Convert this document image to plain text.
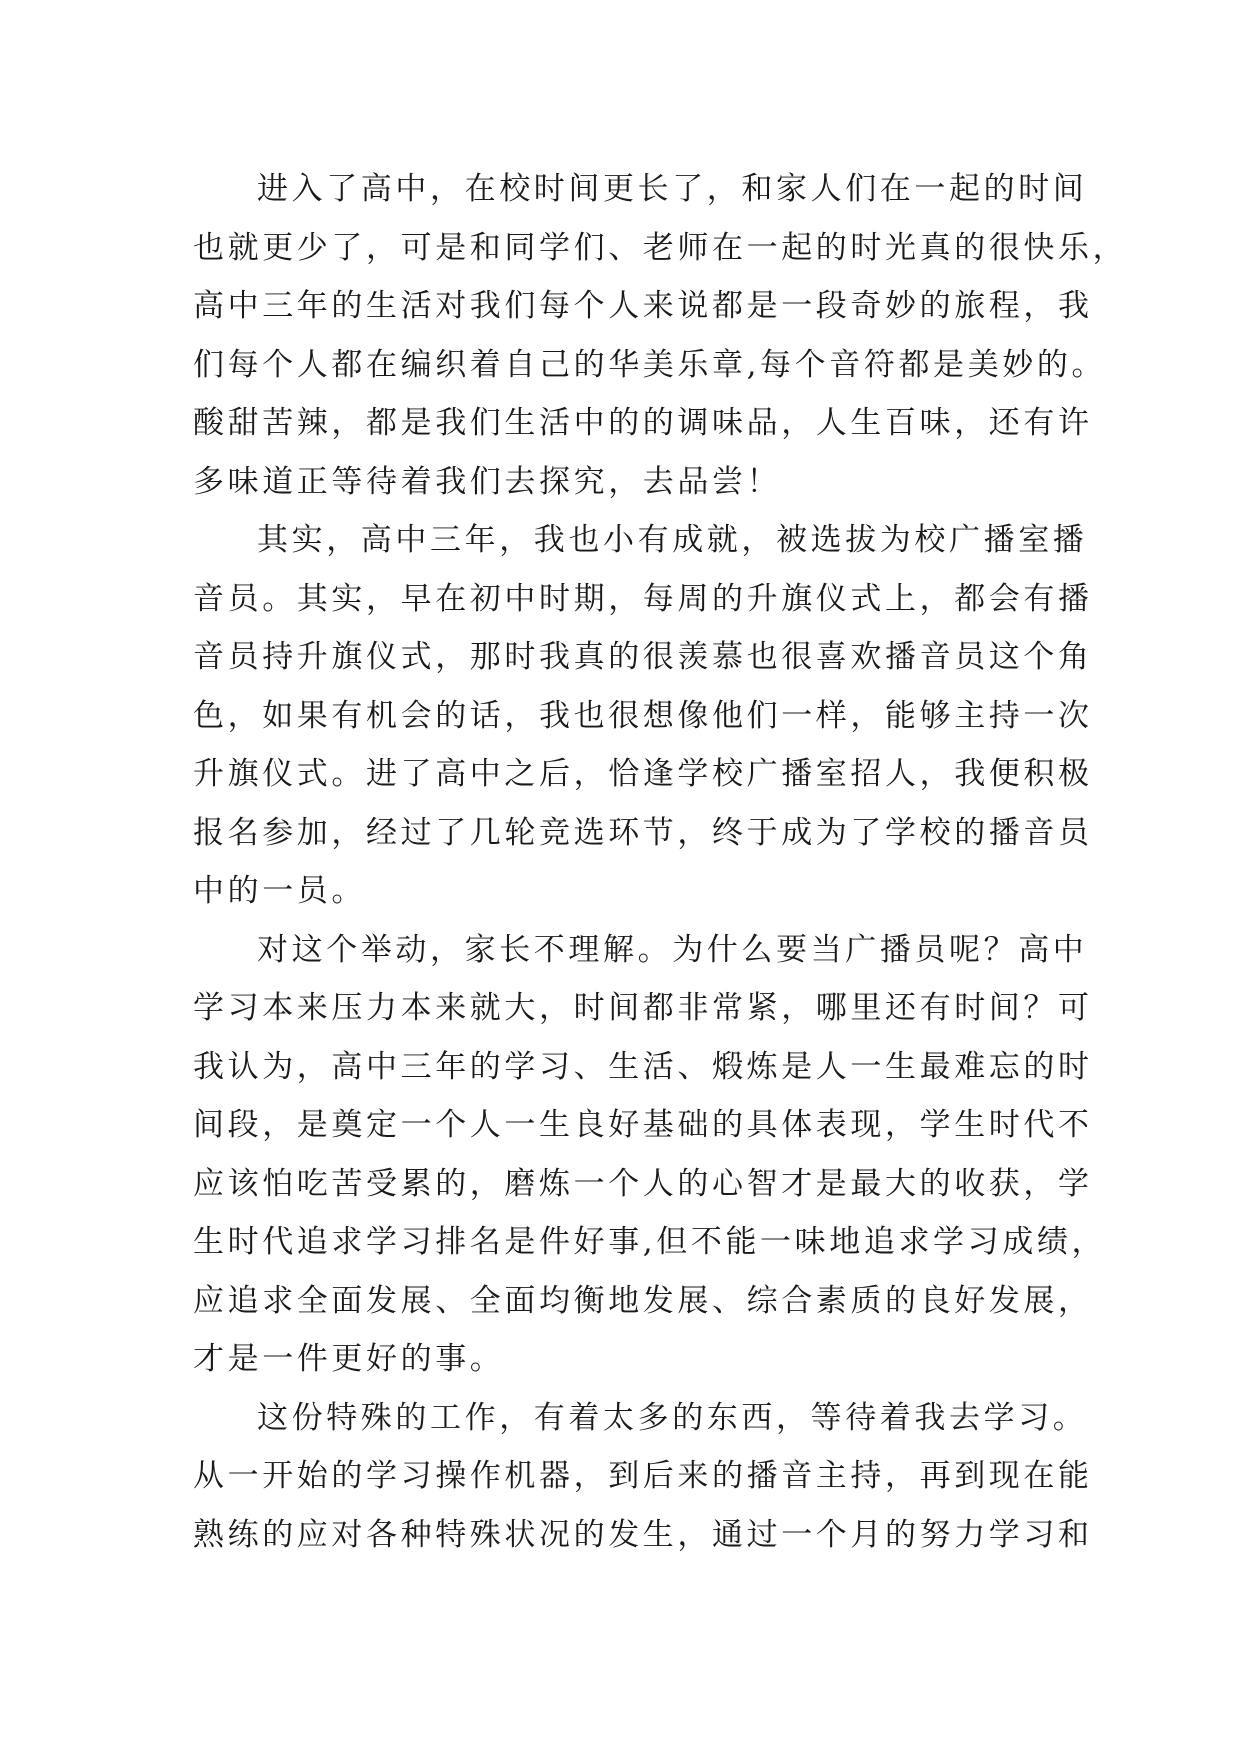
进入了高中，在校时间更长了，和家人们在一起的时间
也就更少了，可是和同学们、老师在一起的时光真的很快乐，
高中三年的生活对我们每个人来说都是一段奇妙的旅程，我
们每个人都在编织着自己的华美乐章,每个音符都是美妙的。
酸甜苦辣，都是我们生活中的的调味品，人生百味，还有许
多味道正等待着我们去探究，去品尝！
其实，高中三年，我也小有成就，被选拔为校广播室播
音员。其实，早在初中时期，每周的升旗仪式上，都会有播
音员持升旗仪式，那时我真的很羡慕也很喜欢播音员这个角
色，如果有机会的话，我也很想像他们一样，能够主持一次
升旗仪式。进了高中之后，恰逢学校广播室招人，我便积极
报名参加，经过了几轮竞选环节，终于成为了学校的播音员
中的一员。
对这个举动，家长不理解。为什么要当广播员呢？高中
学习本来压力本来就大，时间都非常紧，哪里还有时间？可
我认为，高中三年的学习、生活、煅炼是人一生最难忘的时
间段，是奠定一个人一生良好基础的具体表现，学生时代不
应该怕吃苦受累的，磨炼一个人的心智才是最大的收获，学
生时代追求学习排名是件好事,但不能一味地追求学习成绩，
应追求全面发展、全面均衡地发展、综合素质的良好发展，
才是一件更好的事。
这份特殊的工作，有着太多的东西，等待着我去学习。
从一开始的学习操作机器，到后来的播音主持，再到现在能
熟练的应对各种特殊状况的发生，通过一个月的努力学习和
